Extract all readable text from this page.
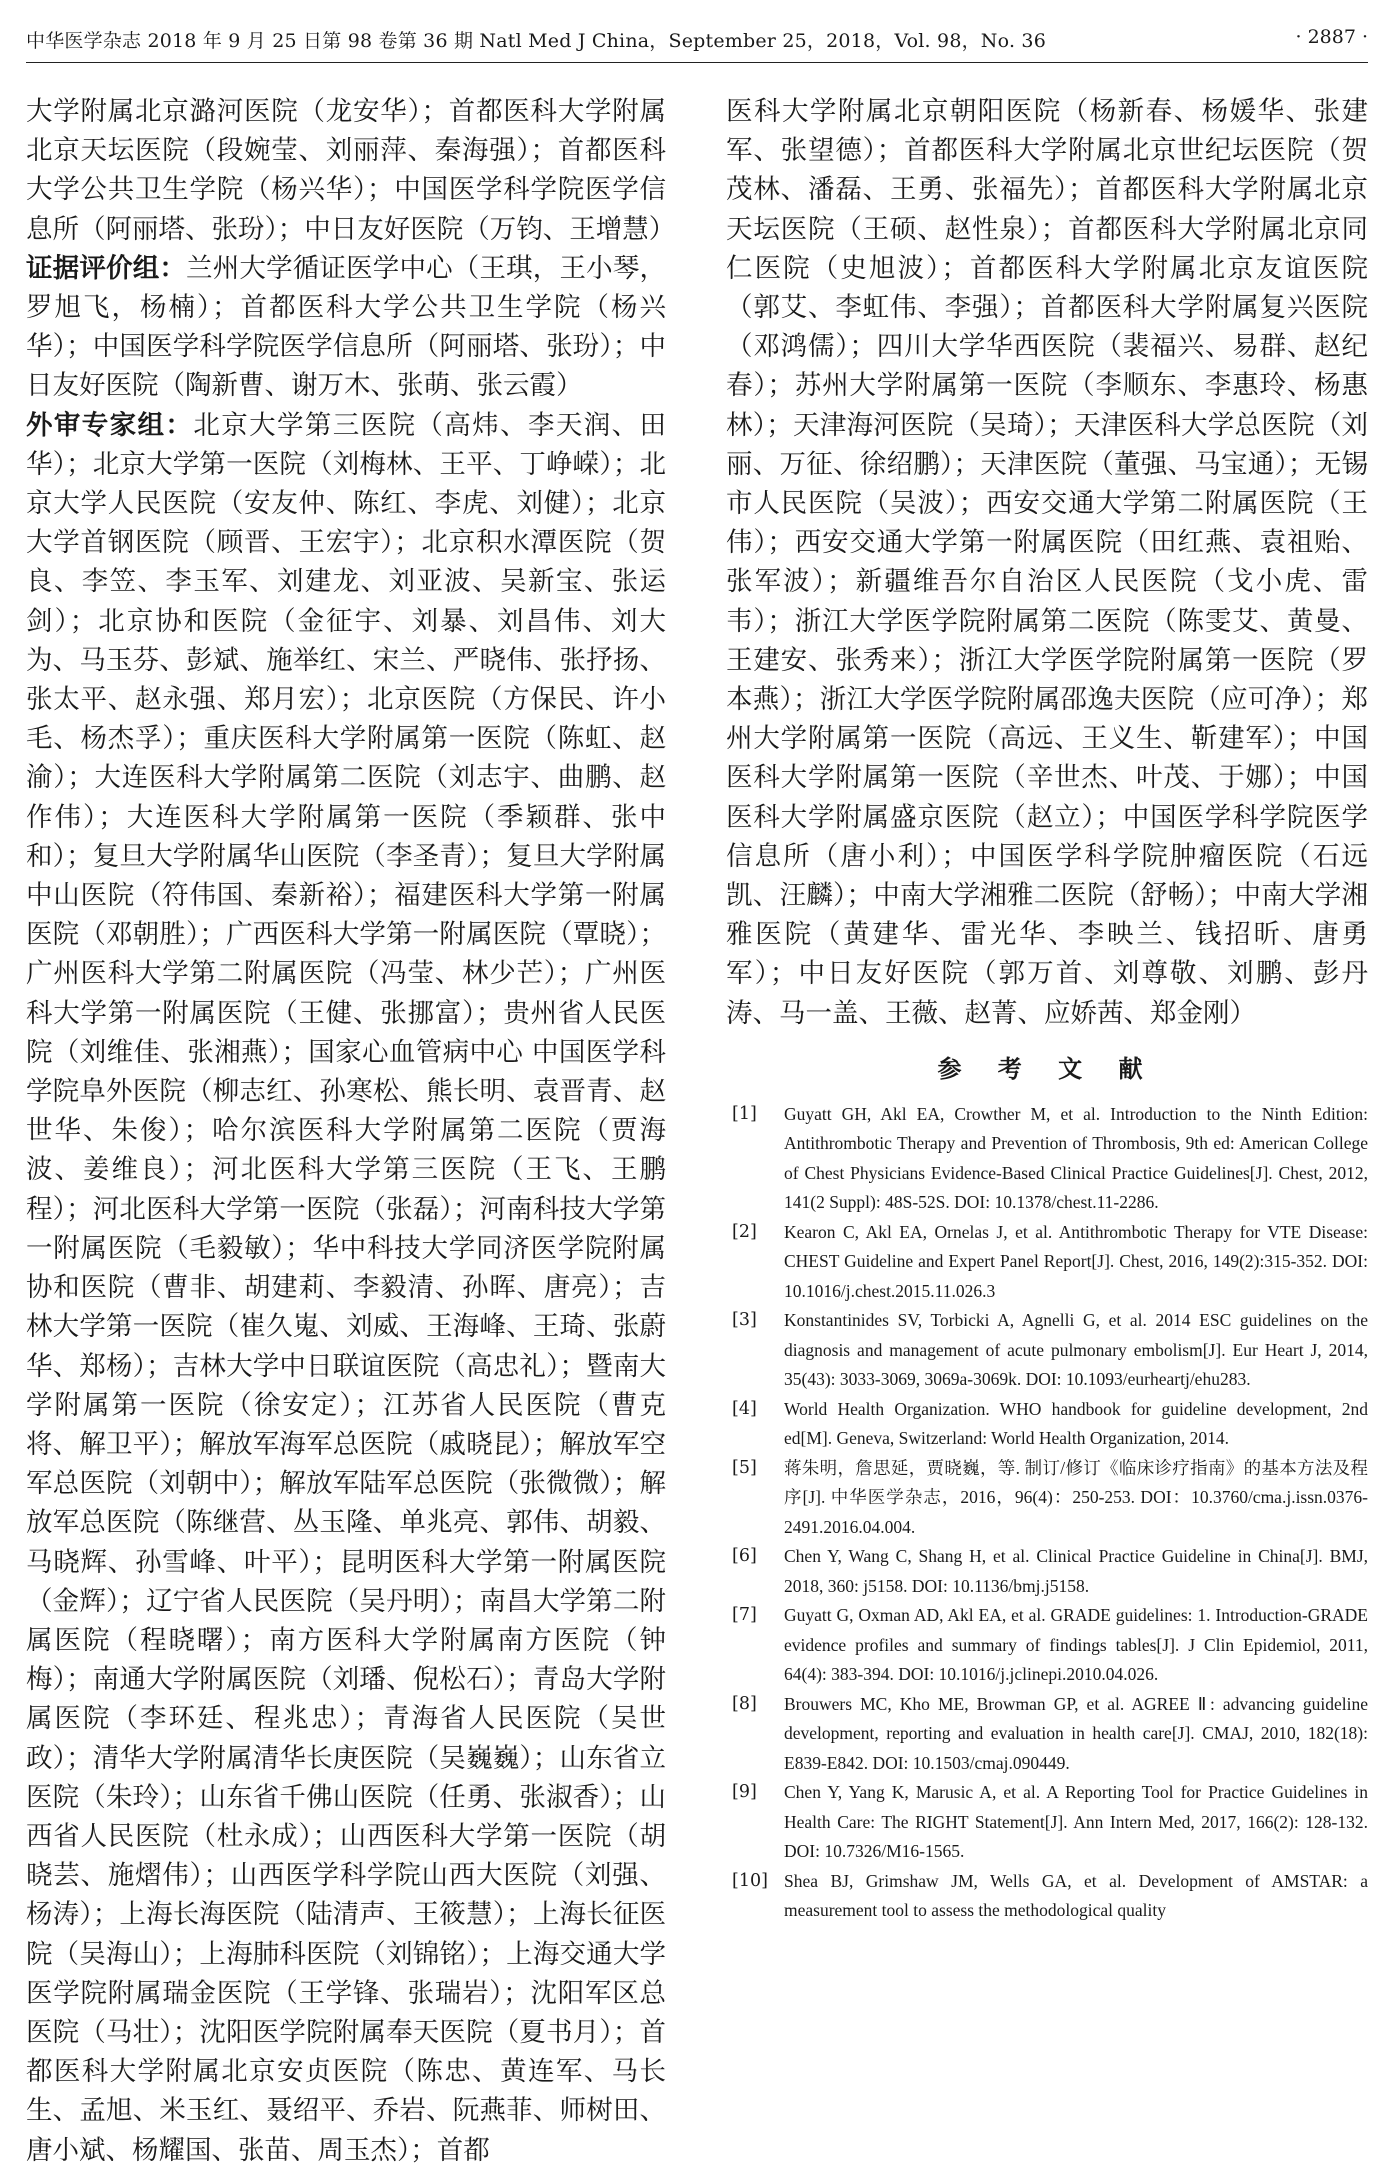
中华医学杂志 2018 年 9 月 25 日第 98 卷第 36 期 Natl Med J China，September 25，2018，Vol. 98，No. 36	· 2887 ·

大学附属北京潞河医院（龙安华）；首都医科大学附属北京天坛医院（段婉莹、刘丽萍、秦海强）；首都医科大学公共卫生学院（杨兴华）；中国医学科学院医学信息所（阿丽塔、张玢）；中日友好医院（万钧、王增慧）

证据评价组：兰州大学循证医学中心（王琪，王小琴，罗旭飞，杨楠）；首都医科大学公共卫生学院（杨兴华）；中国医学科学院医学信息所（阿丽塔、张玢）；中日友好医院（陶新曹、谢万木、张萌、张云霞）

外审专家组：北京大学第三医院（高炜、李天润、田华）；北京大学第一医院（刘梅林、王平、丁峥嵘）；北京大学人民医院（安友仲、陈红、李虎、刘健）；北京大学首钢医院（顾晋、王宏宇）；北京积水潭医院（贺良、李笠、李玉军、刘建龙、刘亚波、吴新宝、张运剑）；北京协和医院（金征宇、刘暴、刘昌伟、刘大为、马玉芬、彭斌、施举红、宋兰、严晓伟、张抒扬、张太平、赵永强、郑月宏）；北京医院（方保民、许小毛、杨杰孚）；重庆医科大学附属第一医院（陈虹、赵渝）；大连医科大学附属第二医院（刘志宇、曲鹏、赵作伟）；大连医科大学附属第一医院（季颖群、张中和）；复旦大学附属华山医院（李圣青）；复旦大学附属中山医院（符伟国、秦新裕）；福建医科大学第一附属医院（邓朝胜）；广西医科大学第一附属医院（覃晓）；广州医科大学第二附属医院（冯莹、林少芒）；广州医科大学第一附属医院（王健、张挪富）；贵州省人民医院（刘维佳、张湘燕）；国家心血管病中心 中国医学科学院阜外医院（柳志红、孙寒松、熊长明、袁晋青、赵世华、朱俊）；哈尔滨医科大学附属第二医院（贾海波、姜维良）；河北医科大学第三医院（王飞、王鹏程）；河北医科大学第一医院（张磊）；河南科技大学第一附属医院（毛毅敏）；华中科技大学同济医学院附属协和医院（曹非、胡建莉、李毅清、孙晖、唐亮）；吉林大学第一医院（崔久嵬、刘威、王海峰、王琦、张蔚华、郑杨）；吉林大学中日联谊医院（高忠礼）；暨南大学附属第一医院（徐安定）；江苏省人民医院（曹克将、解卫平）；解放军海军总医院（戚晓昆）；解放军空军总医院（刘朝中）；解放军陆军总医院（张微微）；解放军总医院（陈继营、丛玉隆、单兆亮、郭伟、胡毅、马晓辉、孙雪峰、叶平）；昆明医科大学第一附属医院（金辉）；辽宁省人民医院（吴丹明）；南昌大学第二附属医院（程晓曙）；南方医科大学附属南方医院（钟梅）；南通大学附属医院（刘璠、倪松石）；青岛大学附属医院（李环廷、程兆忠）；青海省人民医院（吴世政）；清华大学附属清华长庚医院（吴巍巍）；山东省立医院（朱玲）；山东省千佛山医院（任勇、张淑香）；山西省人民医院（杜永成）；山西医科大学第一医院（胡晓芸、施熠伟）；山西医学科学院山西大医院（刘强、杨涛）；上海长海医院（陆清声、王筱慧）；上海长征医院（吴海山）；上海肺科医院（刘锦铭）；上海交通大学医学院附属瑞金医院（王学锋、张瑞岩）；沈阳军区总医院（马壮）；沈阳医学院附属奉天医院（夏书月）；首都医科大学附属北京安贞医院（陈忠、黄连军、马长生、孟旭、米玉红、聂绍平、乔岩、阮燕菲、师树田、唐小斌、杨耀国、张苗、周玉杰）；首都

医科大学附属北京朝阳医院（杨新春、杨媛华、张建军、张望德）；首都医科大学附属北京世纪坛医院（贺茂林、潘磊、王勇、张福先）；首都医科大学附属北京天坛医院（王硕、赵性泉）；首都医科大学附属北京同仁医院（史旭波）；首都医科大学附属北京友谊医院（郭艾、李虹伟、李强）；首都医科大学附属复兴医院（邓鸿儒）；四川大学华西医院（裴福兴、易群、赵纪春）；苏州大学附属第一医院（李顺东、李惠玲、杨惠林）；天津海河医院（吴琦）；天津医科大学总医院（刘丽、万征、徐绍鹏）；天津医院（董强、马宝通）；无锡市人民医院（吴波）；西安交通大学第二附属医院（王伟）；西安交通大学第一附属医院（田红燕、袁祖贻、张军波）；新疆维吾尔自治区人民医院（戈小虎、雷韦）；浙江大学医学院附属第二医院（陈雯艾、黄曼、王建安、张秀来）；浙江大学医学院附属第一医院（罗本燕）；浙江大学医学院附属邵逸夫医院（应可净）；郑州大学附属第一医院（高远、王义生、靳建军）；中国医科大学附属第一医院（辛世杰、叶茂、于娜）；中国医科大学附属盛京医院（赵立）；中国医学科学院医学信息所（唐小利）；中国医学科学院肿瘤医院（石远凯、汪麟）；中南大学湘雅二医院（舒畅）；中南大学湘雅医院（黄建华、雷光华、李映兰、钱招昕、唐勇军）；中日友好医院（郭万首、刘尊敬、刘鹏、彭丹涛、马一盖、王薇、赵菁、应娇茜、郑金刚）

参 考 文 献
[1]	Guyatt GH, Akl EA, Crowther M, et al. Introduction to the Ninth Edition: Antithrombotic Therapy and Prevention of Thrombosis, 9th ed: American College of Chest Physicians Evidence-Based Clinical Practice Guidelines[J]. Chest, 2012, 141(2 Suppl): 48S-52S. DOI: 10.1378/chest.11-2286.
[2]	Kearon C, Akl EA, Ornelas J, et al. Antithrombotic Therapy for VTE Disease: CHEST Guideline and Expert Panel Report[J]. Chest, 2016, 149(2):315-352. DOI: 10.1016/j.chest.2015.11.026.3
[3]	Konstantinides SV, Torbicki A, Agnelli G, et al. 2014 ESC guidelines on the diagnosis and management of acute pulmonary embolism[J]. Eur Heart J, 2014, 35(43): 3033-3069, 3069a-3069k. DOI: 10.1093/eurheartj/ehu283.
[4]	World Health Organization. WHO handbook for guideline development, 2nd ed[M]. Geneva, Switzerland: World Health Organization, 2014.
[5]	蒋朱明，詹思延，贾晓巍，等. 制订/修订《临床诊疗指南》的基本方法及程序[J]. 中华医学杂志，2016，96(4)：250-253. DOI：10.3760/cma.j.issn.0376-2491.2016.04.004.
[6]	Chen Y, Wang C, Shang H, et al. Clinical Practice Guideline in China[J]. BMJ, 2018, 360: j5158. DOI: 10.1136/bmj.j5158.
[7]	Guyatt G, Oxman AD, Akl EA, et al. GRADE guidelines: 1. Introduction-GRADE evidence profiles and summary of findings tables[J]. J Clin Epidemiol, 2011, 64(4): 383-394. DOI: 10.1016/j.jclinepi.2010.04.026.
[8]	Brouwers MC, Kho ME, Browman GP, et al. AGREE Ⅱ: advancing guideline development, reporting and evaluation in health care[J]. CMAJ, 2010, 182(18): E839-E842. DOI: 10.1503/cmaj.090449.
[9]	Chen Y, Yang K, Marusic A, et al. A Reporting Tool for Practice Guidelines in Health Care: The RIGHT Statement[J]. Ann Intern Med, 2017, 166(2): 128-132. DOI: 10.7326/M16-1565.
[10] Shea BJ, Grimshaw JM, Wells GA, et al. Development of AMSTAR: a measurement tool to assess the methodological quality
